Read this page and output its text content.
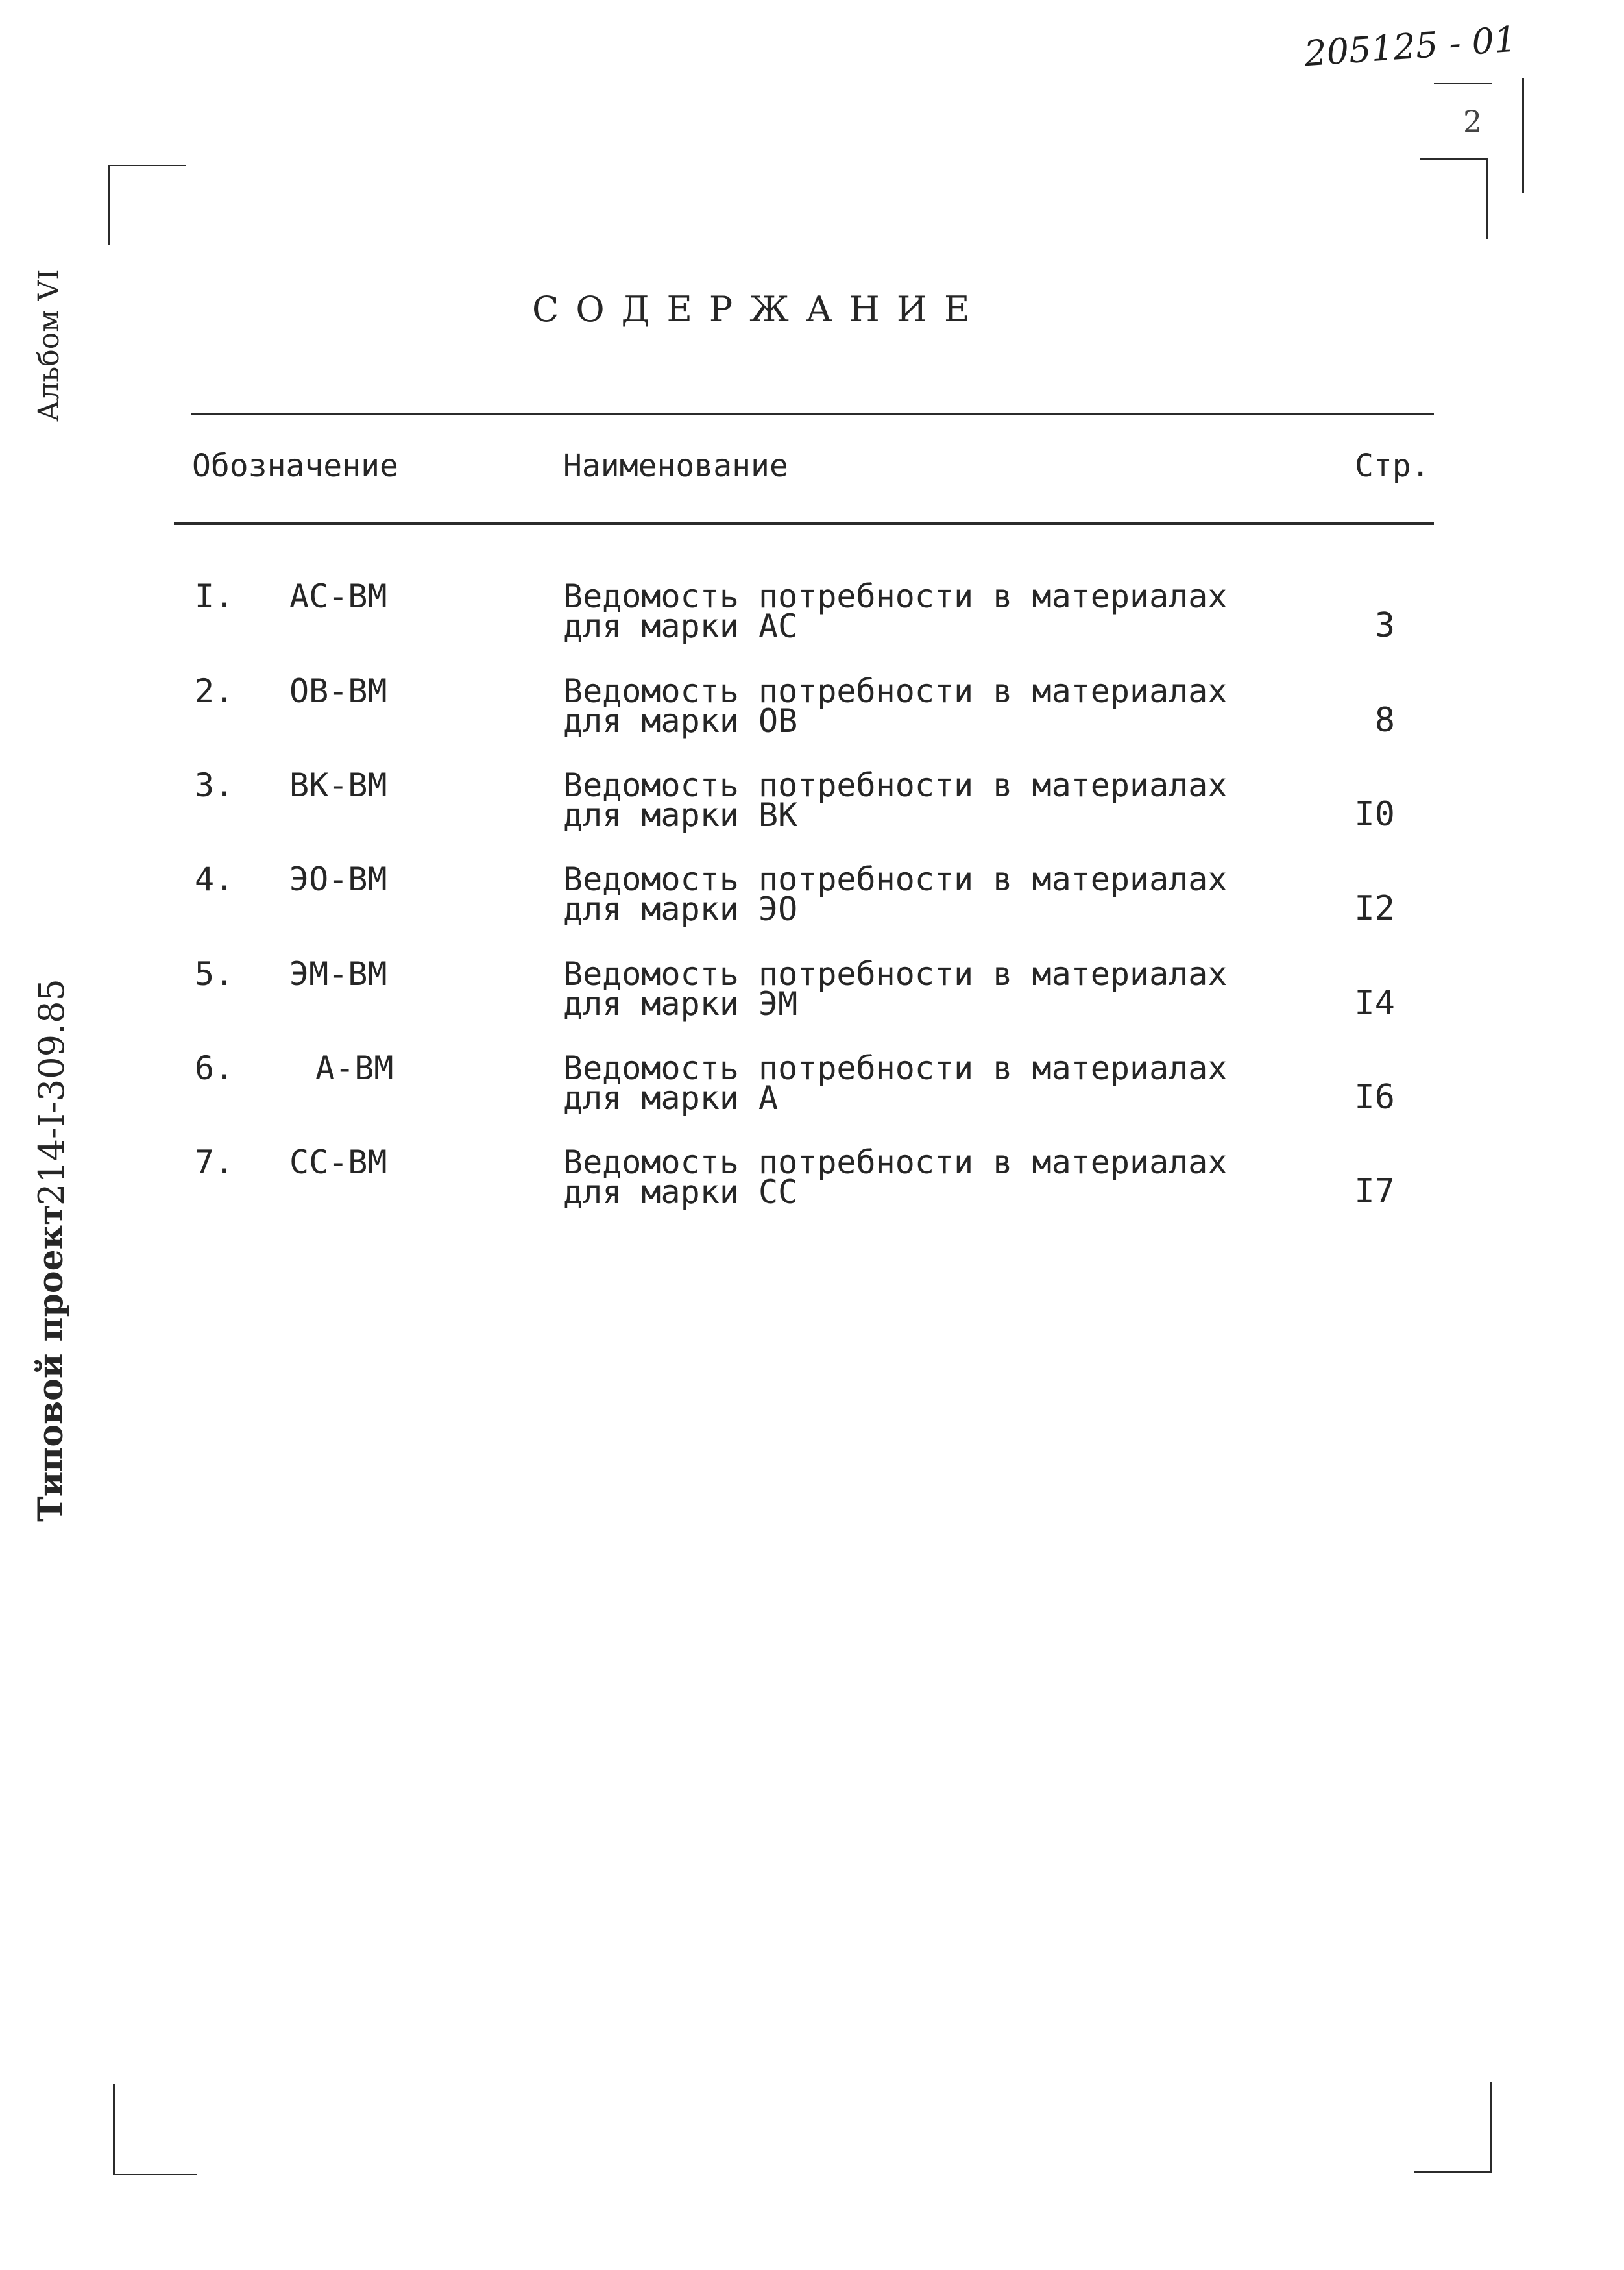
205125 - 01
2
Альбом VI
214-I-309.85
Типовой проект
СОДЕРЖАНИЕ
Обозначение	Наименование	Стр.
I. АС-ВМ	Ведомость потребности в материалах
для марки АС	3
2. ОВ-ВМ	Ведомость потребности в материалах
для марки ОВ	8
3. ВК-ВМ	Ведомость потребности в материалах
для марки ВК	I0
4. ЭО-ВМ	Ведомость потребности в материалах
для марки ЭО	I2
5. ЭМ-ВМ	Ведомость потребности в материалах
для марки ЭМ	I4
6.	А-ВМ	Ведомость потребности в материалах
для марки А	I6
7. СС-ВМ	Ведомость потребности в материалах
для марки СС	I7
